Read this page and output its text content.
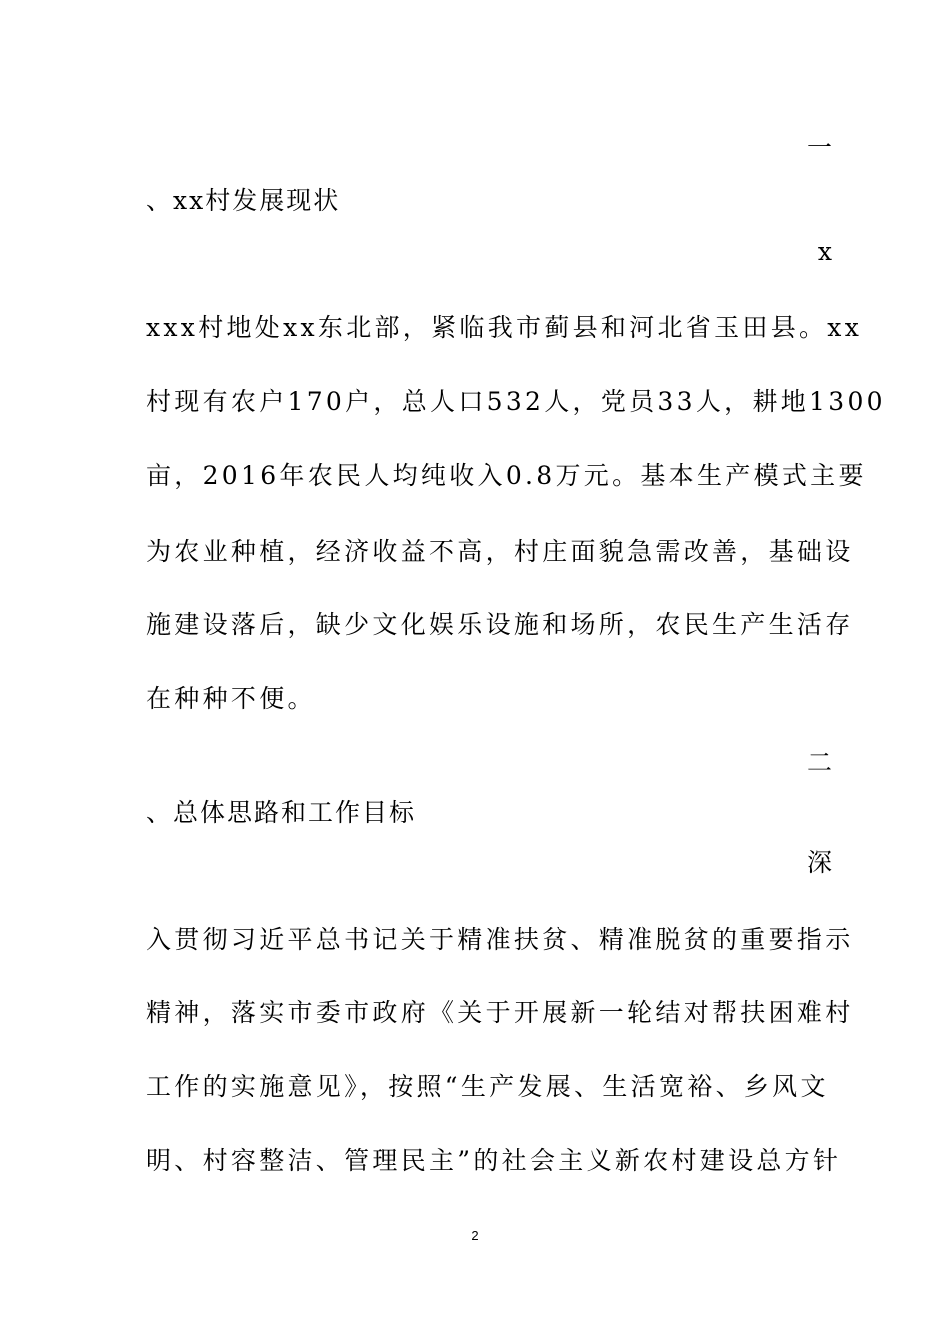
一
、xx村发展现状
x
xxx村地处xx东北部，紧临我市蓟县和河北省玉田县。xx
村现有农户170户，总人口532人，党员33人，耕地1300
亩，2016年农民人均纯收入0.8万元。基本生产模式主要
为农业种植，经济收益不高，村庄面貌急需改善，基础设
施建设落后，缺少文化娱乐设施和场所，农民生产生活存
在种种不便。
二
、总体思路和工作目标
深
入贯彻习近平总书记关于精准扶贫、精准脱贫的重要指示
精神，落实市委市政府《关于开展新一轮结对帮扶困难村
工作的实施意见》，按照“生产发展、生活宽裕、乡风文
明、村容整洁、管理民主”的社会主义新农村建设总方针
2
